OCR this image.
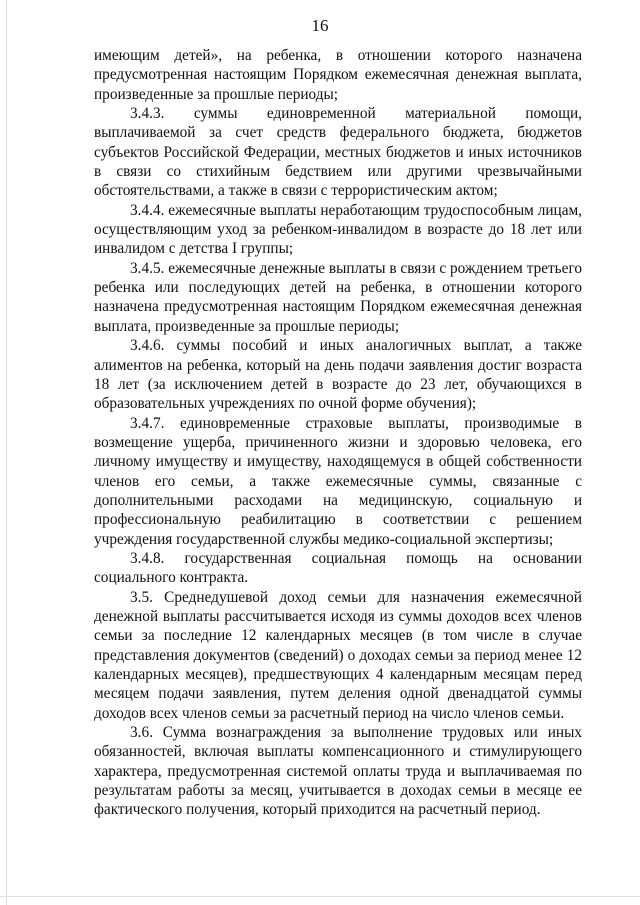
16

имеющим детей», на ребенка, в отношении которого назначена предусмотренная настоящим Порядком ежемесячная денежная выплата, произведенные за прошлые периоды;

3.4.3. суммы единовременной материальной помощи, выплачиваемой за счет средств федерального бюджета, бюджетов субъектов Российской Федерации, местных бюджетов и иных источников в связи со стихийным бедствием или другими чрезвычайными обстоятельствами, а также в связи с террористическим актом;

3.4.4. ежемесячные выплаты неработающим трудоспособным лицам, осуществляющим уход за ребенком-инвалидом в возрасте до 18 лет или инвалидом с детства I группы;

3.4.5. ежемесячные денежные выплаты в связи с рождением третьего ребенка или последующих детей на ребенка, в отношении которого назначена предусмотренная настоящим Порядком ежемесячная денежная выплата, произведенные за прошлые периоды;

3.4.6. суммы пособий и иных аналогичных выплат, а также алиментов на ребенка, который на день подачи заявления достиг возраста 18 лет (за исключением детей в возрасте до 23 лет, обучающихся в образовательных учреждениях по очной форме обучения);

3.4.7. единовременные страховые выплаты, производимые в возмещение ущерба, причиненного жизни и здоровью человека, его личному имуществу и имуществу, находящемуся в общей собственности членов его семьи, а также ежемесячные суммы, связанные с дополнительными расходами на медицинскую, социальную и профессиональную реабилитацию в соответствии с решением учреждения государственной службы медико-социальной экспертизы;

3.4.8. государственная социальная помощь на основании социального контракта.

3.5. Среднедушевой доход семьи для назначения ежемесячной денежной выплаты рассчитывается исходя из суммы доходов всех членов семьи за последние 12 календарных месяцев (в том числе в случае представления документов (сведений) о доходах семьи за период менее 12 календарных месяцев), предшествующих 4 календарным месяцам перед месяцем подачи заявления, путем деления одной двенадцатой суммы доходов всех членов семьи за расчетный период на число членов семьи.

3.6. Сумма вознаграждения за выполнение трудовых или иных обязанностей, включая выплаты компенсационного и стимулирующего характера, предусмотренная системой оплаты труда и выплачиваемая по результатам работы за месяц, учитывается в доходах семьи в месяце ее фактического получения, который приходится на расчетный период.
